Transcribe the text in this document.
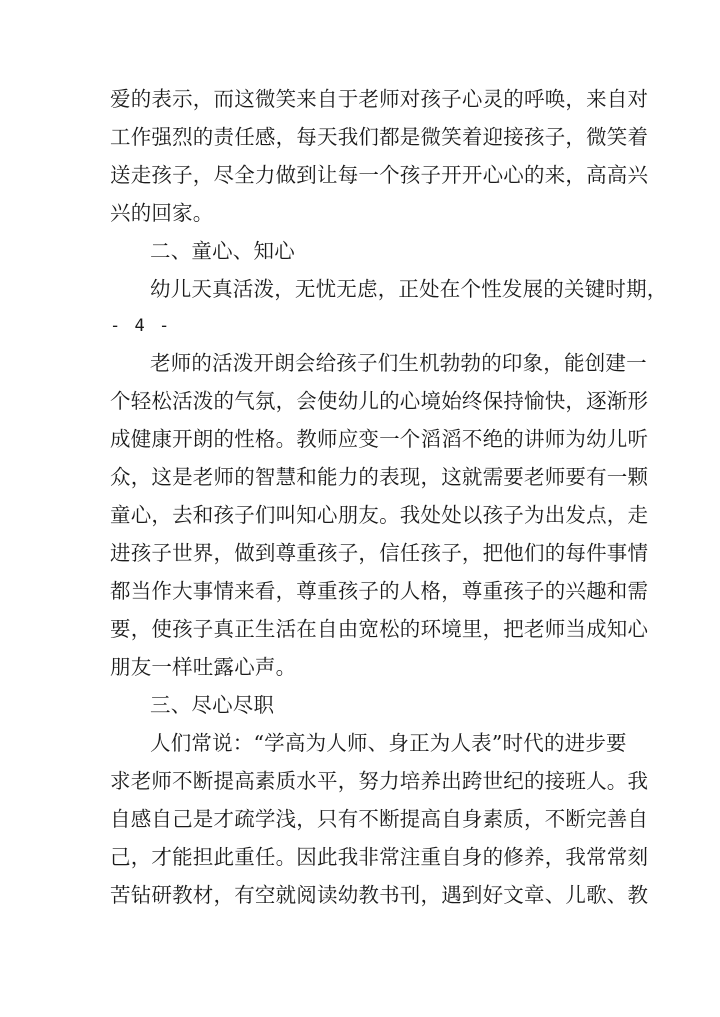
爱的表示，而这微笑来自于老师对孩子心灵的呼唤，来自对
工作强烈的责任感，每天我们都是微笑着迎接孩子，微笑着
送走孩子，尽全力做到让每一个孩子开开心心的来，高高兴
兴的回家。
二、童心、知心
幼儿天真活泼，无忧无虑，正处在个性发展的关键时期，
- 4 -
老师的活泼开朗会给孩子们生机勃勃的印象，能创建一
个轻松活泼的气氛，会使幼儿的心境始终保持愉快，逐渐形
成健康开朗的性格。教师应变一个滔滔不绝的讲师为幼儿听
众，这是老师的智慧和能力的表现，这就需要老师要有一颗
童心，去和孩子们叫知心朋友。我处处以孩子为出发点，走
进孩子世界，做到尊重孩子，信任孩子，把他们的每件事情
都当作大事情来看，尊重孩子的人格，尊重孩子的兴趣和需
要，使孩子真正生活在自由宽松的环境里，把老师当成知心
朋友一样吐露心声。
三、尽心尽职
人们常说：“学高为人师、身正为人表”时代的进步要
求老师不断提高素质水平，努力培养出跨世纪的接班人。我
自感自己是才疏学浅，只有不断提高自身素质，不断完善自
己，才能担此重任。因此我非常注重自身的修养，我常常刻
苦钻研教材，有空就阅读幼教书刊，遇到好文章、儿歌、教
